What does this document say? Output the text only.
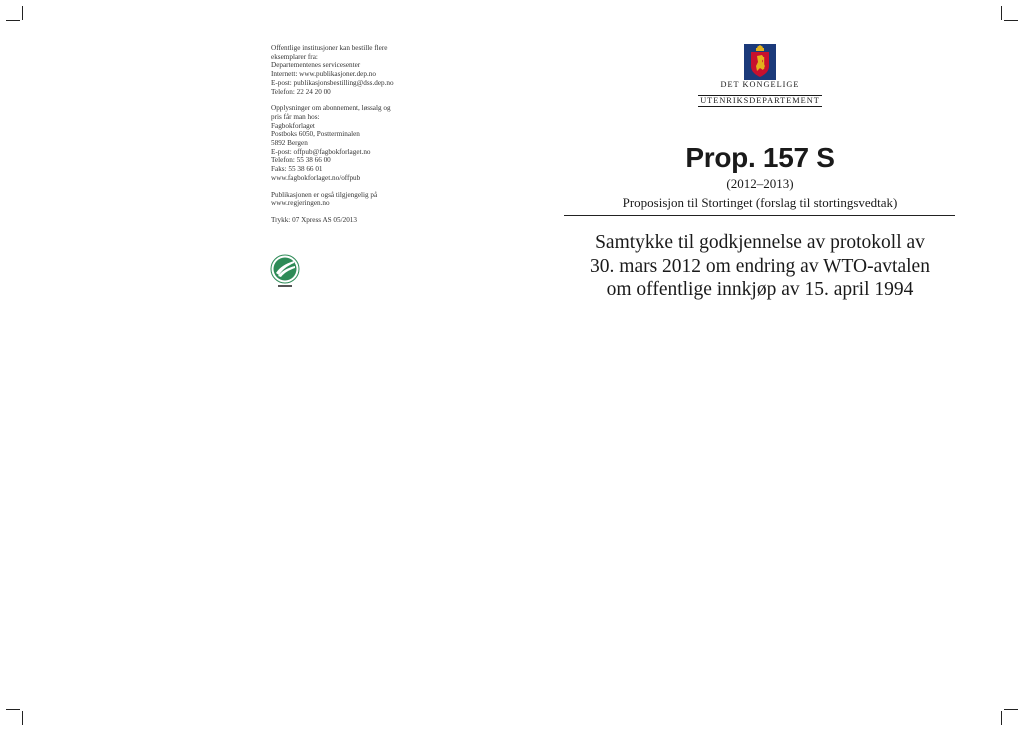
Offentlige institusjoner kan bestille flere
eksemplarer fra:
Departementenes servicesenter
Internett: www.publikasjoner.dep.no
E-post: publikasjonsbestilling@dss.dep.no
Telefon: 22 24 20 00
Opplysninger om abonnement, løssalg og
pris får man hos:
Fagbokforlaget
Postboks 6050, Postterminalen
5892 Bergen
E-post: offpub@fagbokforlaget.no
Telefon: 55 38 66 00
Faks: 55 38 66 01
www.fagbokforlaget.no/offpub
Publikasjonen er også tilgjengelig på
www.regjeringen.no
Trykk: 07 Xpress AS 05/2013
DET KONGELIGE
UTENRIKSDEPARTEMENT
Prop. 157 S
(2012–2013)
Proposisjon til Stortinget (forslag til stortingsvedtak)
Samtykke til godkjennelse av protokoll av
30. mars 2012 om endring av WTO-avtalen
om offentlige innkjøp av 15. april 1994
